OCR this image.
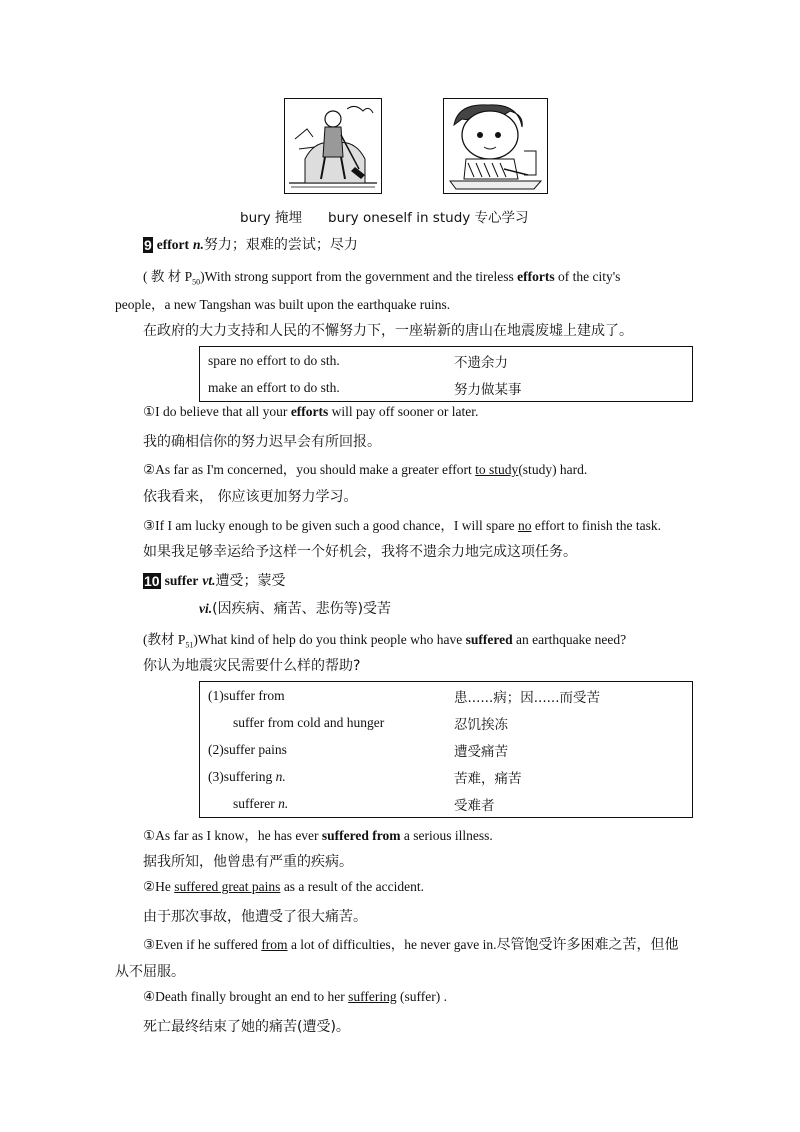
bury 掩埋 bury oneself in study 专心学习
9 effort n.努力；艰难的尝试；尽力
( 教 材 $P_{50})With$ strong support from the government and the tireless efforts of the city's
people，a new Tangshan was built upon the earthquake ruins.
在政府的大力支持和人民的不懈努力下，一座崭新的唐山在地震废墟上建成了。
spare no effort to do sth.	不遗余力
make an effort to do sth.	努力做某事
①I do believe that all your efforts will pay off sooner or later.
我的确相信你的努力迟早会有所回报。
②As far as I'm concerned，you should make a greater effort to study(study) hard.
依我看来， 你应该更加努力学习。
③If I am lucky enough to be given such a good chance，I will spare no effort to finish the task.
如果我足够幸运给予这样一个好机会，我将不遗余力地完成这项任务。
10 suffer vt.遭受；蒙受
vi.(因疾病、痛苦、悲伤等)受苦
(教材 $P_{51})What$ kind of help do you think people who have suffered an earthquake need?
你认为地震灾民需要什么样的帮助?
(1)suffer from	患......病；因......而受苦
suffer from cold and hunger	忍饥挨冻
(2)suffer pains	遭受痛苦
(3)suffering n.	苦难，痛苦
sufferer n.	受难者
①As far as I know，he has ever suffered from a serious illness.
据我所知，他曾患有严重的疾病。
②He suffered great pains as a result of the accident.
由于那次事故，他遭受了很大痛苦。
③Even if he suffered from a lot of difficulties，he never gave in.尽管饱受许多困难之苦，但他
从不屈服。
④Death finally brought an end to her suffering (suffer) .
死亡最终结束了她的痛苦(遭受)。
